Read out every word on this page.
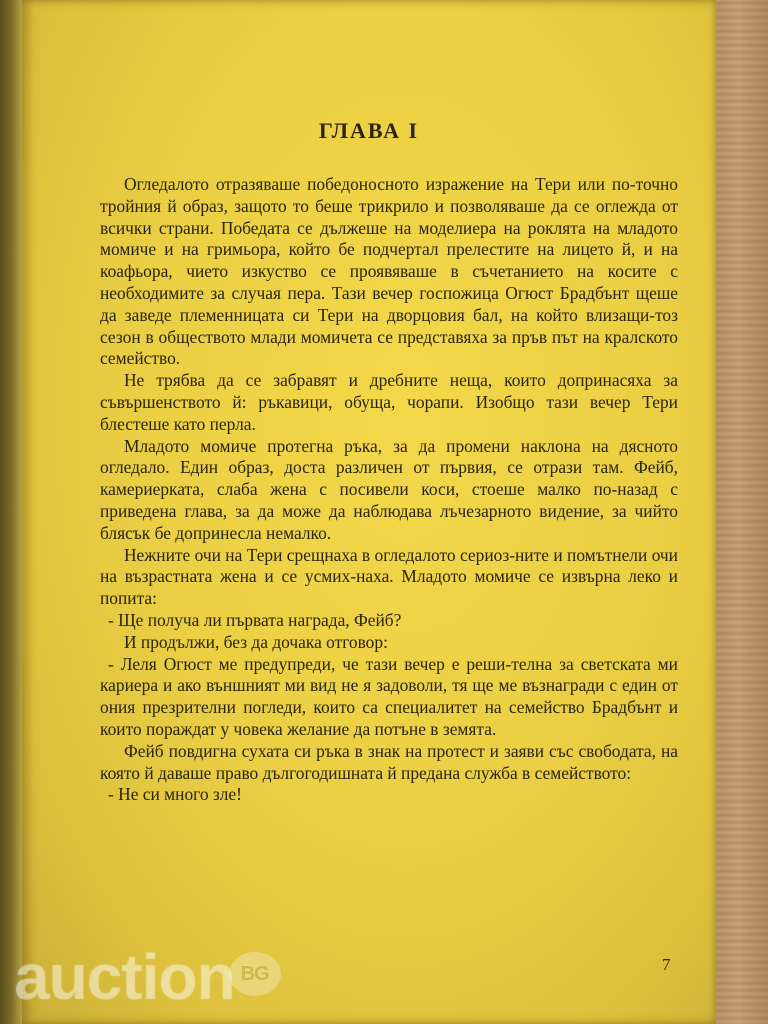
ГЛАВА I

Огледалото отразяваше победоносното изражение на Тери или по-точно тройния й образ, защото то беше трикрило и позволяваше да се оглежда от всички страни. Победата се дължеше на моделиера на роклята на младото момиче и на гримьора, който бе подчертал прелестите на лицето й, и на коафьора, чието изкуство се проявяваше в съчетанието на косите с необходимите за случая пера. Тази вечер госпожица Огюст Брадбънт щеше да заведе племенницата си Тери на дворцовия бал, на който влизащи-тоз сезон в обществото млади момичета се представяха за пръв път на кралското семейство.

Не трябва да се забравят и дребните неща, които допринасяха за съвършенството й: ръкавици, обуща, чорапи. Изобщо тази вечер Тери блестеше като перла.

Младото момиче протегна ръка, за да промени наклона на дясното огледало. Един образ, доста различен от първия, се отрази там. Фейб, камериерката, слаба жена с посивели коси, стоеше малко по-назад с приведена глава, за да може да наблюдава лъчезарното видение, за чийто блясък бе допринесла немалко.

Нежните очи на Тери срещнаха в огледалото сериоз-ните и помътнели очи на възрастната жена и се усмих-наха. Младото момиче се извърна леко и попита:

- Ще получа ли първата награда, Фейб?

И продължи, без да дочака отговор:

- Леля Огюст ме предупреди, че тази вечер е реши-телна за светската ми кариера и ако външният ми вид не я задоволи, тя ще ме възнагради с един от ония презрителни погледи, които са специалитет на семейство Брадбънт и които пораждат у човека желание да потъне в земята.

Фейб повдигна сухата си ръка в знак на протест и заяви със свободата, на която й даваше право дългогодишната й предана служба в семейството:

- Не си много зле!

7
auction BG
